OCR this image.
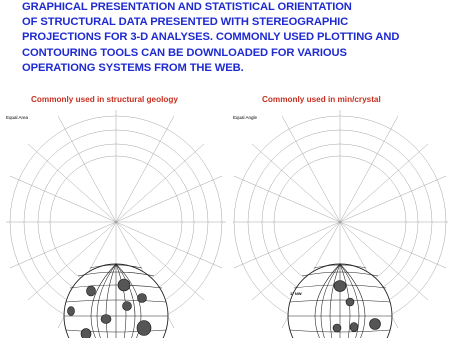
GRAPHICAL PRESENTATION AND STATISTICAL ORIENTATION
OF STRUCTURAL DATA PRESENTED WITH STEREOGRAPHIC
PROJECTIONS FOR 3-D ANALYSES. COMMONLY USED PLOTTING AND
CONTOURING TOOLS CAN BE DOWNLOADED FOR VARIOUS
OPERATIONG SYSTEMS FROM THE WEB.
Commonly used in structural geology	Commonly used in min/crystal
Equal Area	Equal Angle
1° NW
